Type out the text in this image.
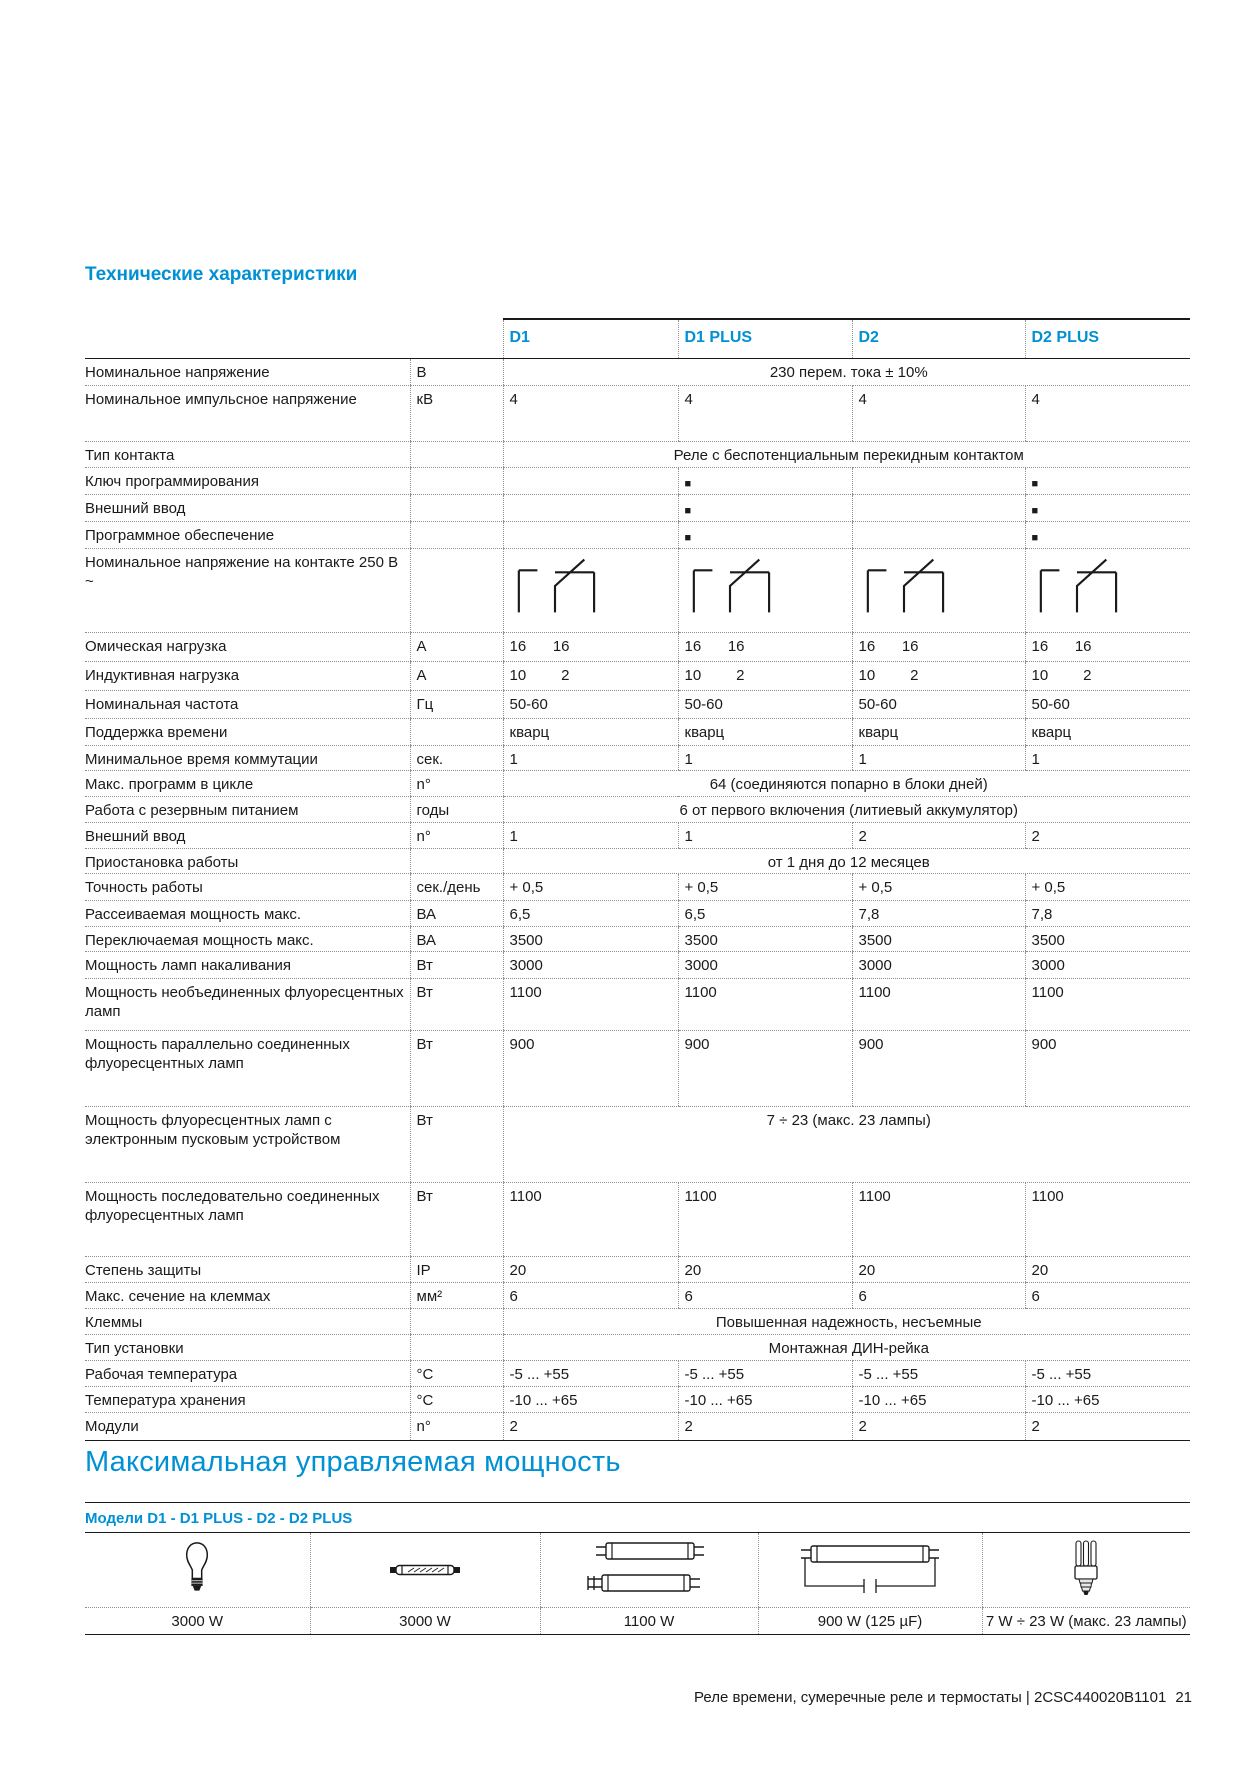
Технические характеристики
		D1	D1 PLUS	D2	D2 PLUS
Номинальное напряжение	В	230 перем. тока ± 10%			
Номинальное импульсное напряжение	кВ	4	4	4	4
Тип контакта		Реле с беспотенциальным перекидным контактом			
Ключ программирования			■		■
Внешний ввод			■		■
Программное обеспечение			■		■
Номинальное напряжение на контакте 250 В ~		

Омическая нагрузка	А	16 16	16 16	16 16	16 16
Индуктивная нагрузка	А	10 2	10 2	10 2	10 2
Номинальная частота	Гц	50-60	50-60	50-60	50-60
Поддержка времени		кварц	кварц	кварц	кварц
Минимальное время коммутации	сек.	1	1	1	1
Макс. программ в цикле	n°	64 (соединяются попарно в блоки дней)			
Работа с резервным питанием	годы	6 от первого включения (литиевый аккумулятор)			
Внешний ввод	n°	1	1	2	2
Приостановка работы		от 1 дня до 12 месяцев			
Точность работы	сек./день	+ 0,5	+ 0,5	+ 0,5	+ 0,5
Рассеиваемая мощность макс.	ВА	6,5	6,5	7,8	7,8
Переключаемая мощность макс.	ВА	3500	3500	3500	3500
Мощность ламп накаливания	Вт	3000	3000	3000	3000
Мощность необъединенных флуоресцентных ламп	Вт	1100	1100	1100	1100
Мощность параллельно соединенных флуоресцентных ламп	Вт	900	900	900	900
Мощность флуоресцентных ламп с электронным пусковым устройством	Вт	7 ÷ 23 (макс. 23 лампы)			
Мощность последовательно соединенных флуоресцентных ламп	Вт	1100	1100	1100	1100
Степень защиты	IP	20	20	20	20
Макс. сечение на клеммах	мм²	6	6	6	6
Клеммы		Повышенная надежность, несъемные			
Тип установки		Монтажная ДИН-рейка			
Рабочая температура	°C	-5 ... +55	-5 ... +55	-5 ... +55	-5 ... +55
Температура хранения	°C	-10 ... +65	-10 ... +65	-10 ... +65	-10 ... +65
Модули	n°	2	2	2	2
Максимальная управляемая мощность
Модели D1 - D1 PLUS - D2 - D2 PLUS				

3000 W	3000 W	1100 W	900 W (125 µF)	7 W ÷ 23 W (макс. 23 лампы)
Реле времени, сумеречные реле и термостаты | 2CSC440020B1101 21
